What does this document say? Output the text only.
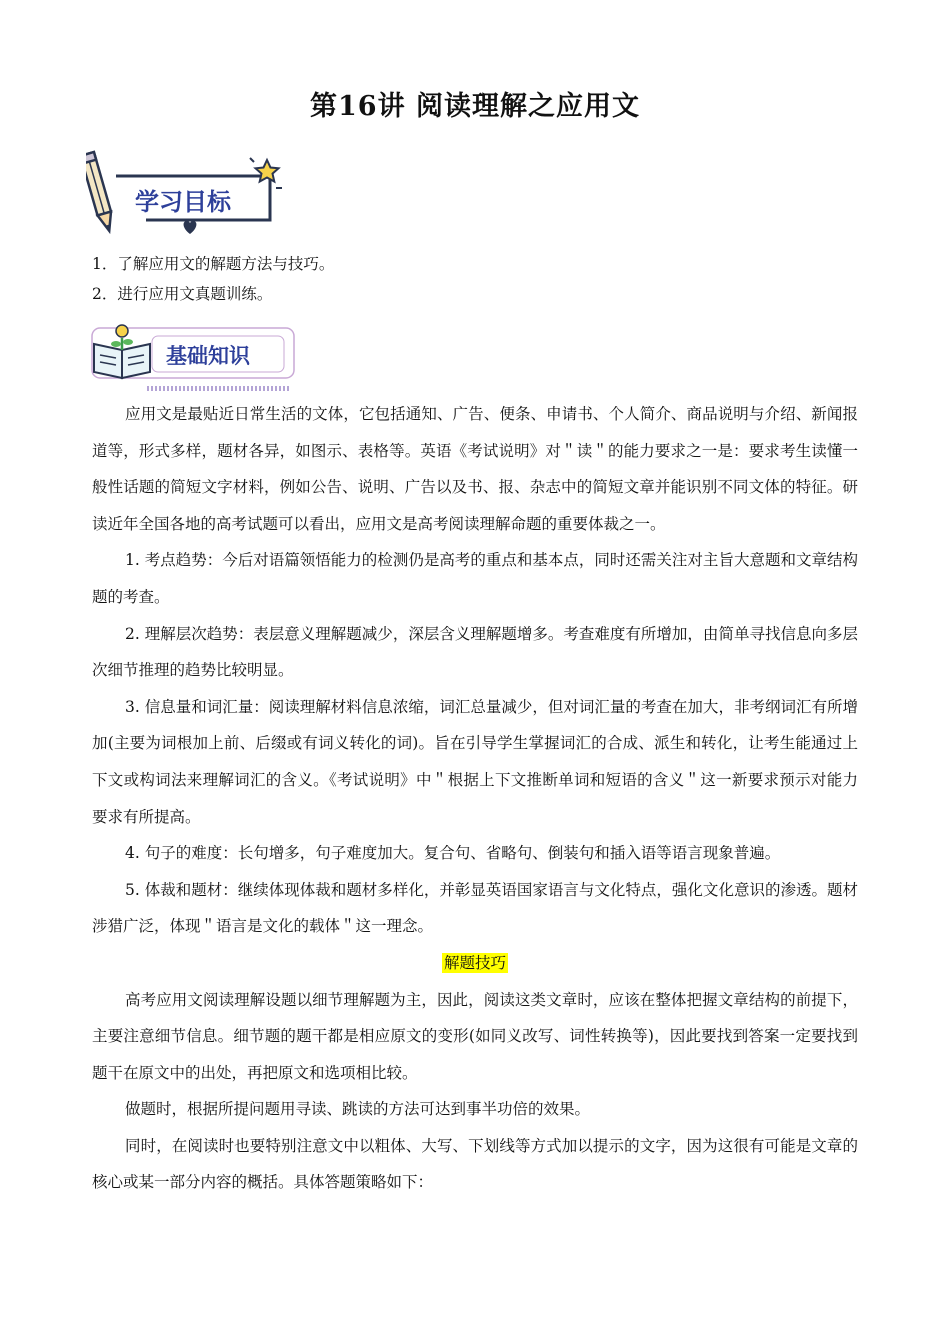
第16讲 阅读理解之应用文
学习目标
1．了解应用文的解题方法与技巧。
2．进行应用文真题训练。
基础知识

应用文是最贴近日常生活的文体，它包括通知、广告、便条、申请书、个人简介、商品说明与介绍、新闻报道等，形式多样，题材各异，如图示、表格等。英语《考试说明》对＂读＂的能力要求之一是：要求考生读懂一般性话题的简短文字材料，例如公告、说明、广告以及书、报、杂志中的简短文章并能识别不同文体的特征。研读近年全国各地的高考试题可以看出，应用文是高考阅读理解命题的重要体裁之一。

1. 考点趋势：今后对语篇领悟能力的检测仍是高考的重点和基本点，同时还需关注对主旨大意题和文章结构题的考查。

2. 理解层次趋势：表层意义理解题减少，深层含义理解题增多。考查难度有所增加，由简单寻找信息向多层次细节推理的趋势比较明显。

3. 信息量和词汇量：阅读理解材料信息浓缩，词汇总量减少，但对词汇量的考查在加大，非考纲词汇有所增加(主要为词根加上前、后缀或有词义转化的词)。旨在引导学生掌握词汇的合成、派生和转化，让考生能通过上下文或构词法来理解词汇的含义。《考试说明》中＂根据上下文推断单词和短语的含义＂这一新要求预示对能力要求有所提高。

4. 句子的难度：长句增多，句子难度加大。复合句、省略句、倒装句和插入语等语言现象普遍。

5. 体裁和题材：继续体现体裁和题材多样化，并彰显英语国家语言与文化特点，强化文化意识的渗透。题材涉猎广泛，体现＂语言是文化的载体＂这一理念。

解题技巧

高考应用文阅读理解设题以细节理解题为主，因此，阅读这类文章时，应该在整体把握文章结构的前提下，主要注意细节信息。细节题的题干都是相应原文的变形(如同义改写、词性转换等)，因此要找到答案一定要找到题干在原文中的出处，再把原文和选项相比较。

做题时，根据所提问题用寻读、跳读的方法可达到事半功倍的效果。

同时，在阅读时也要特别注意文中以粗体、大写、下划线等方式加以提示的文字，因为这很有可能是文章的核心或某一部分内容的概括。具体答题策略如下：
